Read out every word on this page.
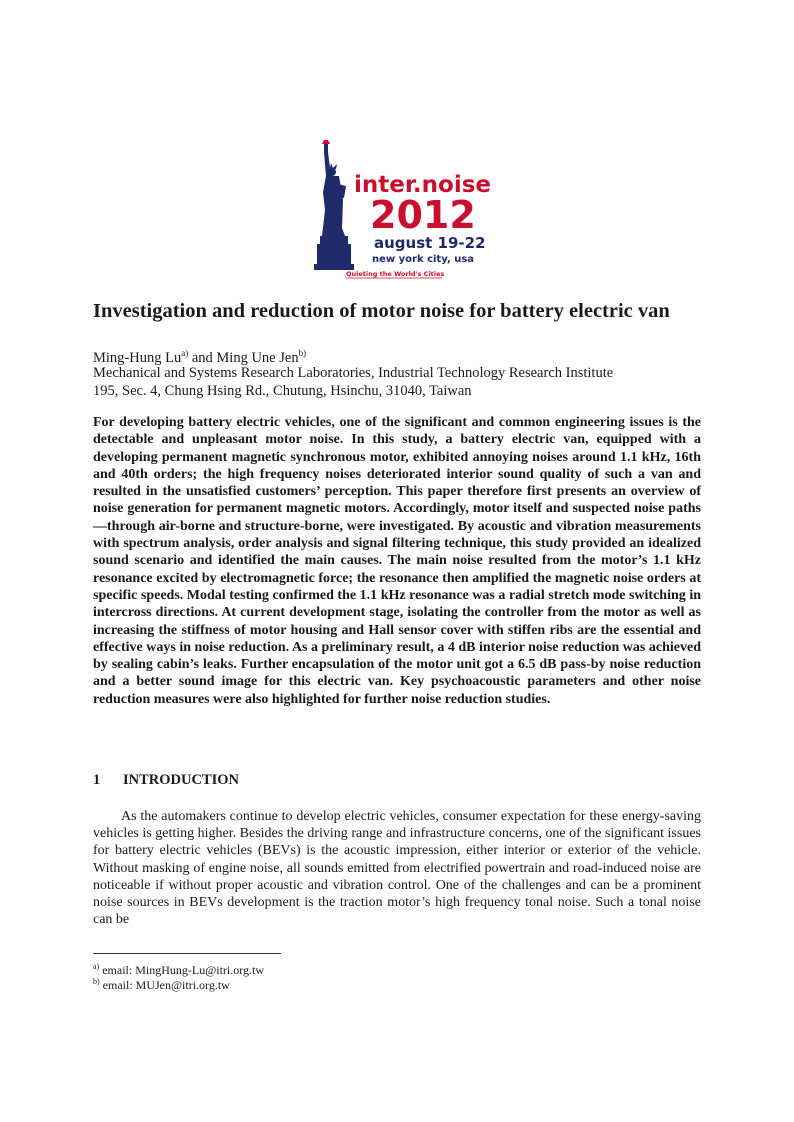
inter.noise
2012
august 19-22
new york city, usa
Quieting the World's Cities
Investigation and reduction of motor noise for battery electric van
Ming-Hung Lu$^{a)}$ and Ming Une Jen$^{b)}$
Mechanical and Systems Research Laboratories, Industrial Technology Research Institute
195, Sec. 4, Chung Hsing Rd., Chutung, Hsinchu, 31040, Taiwan

For developing battery electric vehicles, one of the significant and common engineering issues is the detectable and unpleasant motor noise. In this study, a battery electric van, equipped with a developing permanent magnetic synchronous motor, exhibited annoying noises around 1.1 kHz, 16th and 40th orders; the high frequency noises deteriorated interior sound quality of such a van and resulted in the unsatisfied customers’ perception. This paper therefore first presents an overview of noise generation for permanent magnetic motors. Accordingly, motor itself and suspected noise paths—through air-borne and structure-borne, were investigated. By acoustic and vibration measurements with spectrum analysis, order analysis and signal filtering technique, this study provided an idealized sound scenario and identified the main causes. The main noise resulted from the motor’s 1.1 kHz resonance excited by electromagnetic force; the resonance then amplified the magnetic noise orders at specific speeds. Modal testing confirmed the 1.1 kHz resonance was a radial stretch mode switching in intercross directions. At current development stage, isolating the controller from the motor as well as increasing the stiffness of motor housing and Hall sensor cover with stiffen ribs are the essential and effective ways in noise reduction. As a preliminary result, a 4 dB interior noise reduction was achieved by sealing cabin’s leaks. Further encapsulation of the motor unit got a 6.5 dB pass-by noise reduction and a better sound image for this electric van. Key psychoacoustic parameters and other noise reduction measures were also highlighted for further noise reduction studies.

1 INTRODUCTION

As the automakers continue to develop electric vehicles, consumer expectation for these energy-saving vehicles is getting higher. Besides the driving range and infrastructure concerns, one of the significant issues for battery electric vehicles (BEVs) is the acoustic impression, either interior or exterior of the vehicle. Without masking of engine noise, all sounds emitted from electrified powertrain and road-induced noise are noticeable if without proper acoustic and vibration control. One of the challenges and can be a prominent noise sources in BEVs development is the traction motor’s high frequency tonal noise. Such a tonal noise can be

$^{a)}$ email: MingHung-Lu@itri.org.tw
$^{b)}$ email: MUJen@itri.org.tw
